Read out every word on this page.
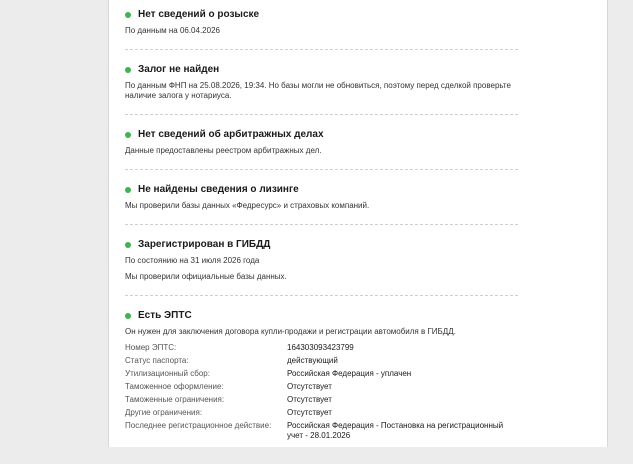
Нет сведений о розыске

По данным на 06.04.2026

Залог не найден

По данным ФНП на 25.08.2026, 19:34. Но базы могли не обновиться, поэтому перед сделкой проверьте наличие залога у нотариуса.

Нет сведений об арбитражных делах

Данные предоставлены реестром арбитражных дел.

Не найдены сведения о лизинге

Мы проверили базы данных «Федресурс» и страховых компаний.

Зарегистрирован в ГИБДД

По состоянию на 31 июля 2026 года

Мы проверили официальные базы данных.

Есть ЭПТС

Он нужен для заключения договора купли-продажи и регистрации автомобиля в ГИБДД.

Номер ЭПТС:	164303093423799
Статус паспорта:	действующий
Утилизационный сбор:	Российская Федерация - уплачен
Таможенное оформление:	Отсутствует
Таможенные ограничения:	Отсутствует
Другие ограничения:	Отсутствует
Последнее регистрационное действие:	Российская Федерация - Постановка на регистрационный учет - 28.01.2026
